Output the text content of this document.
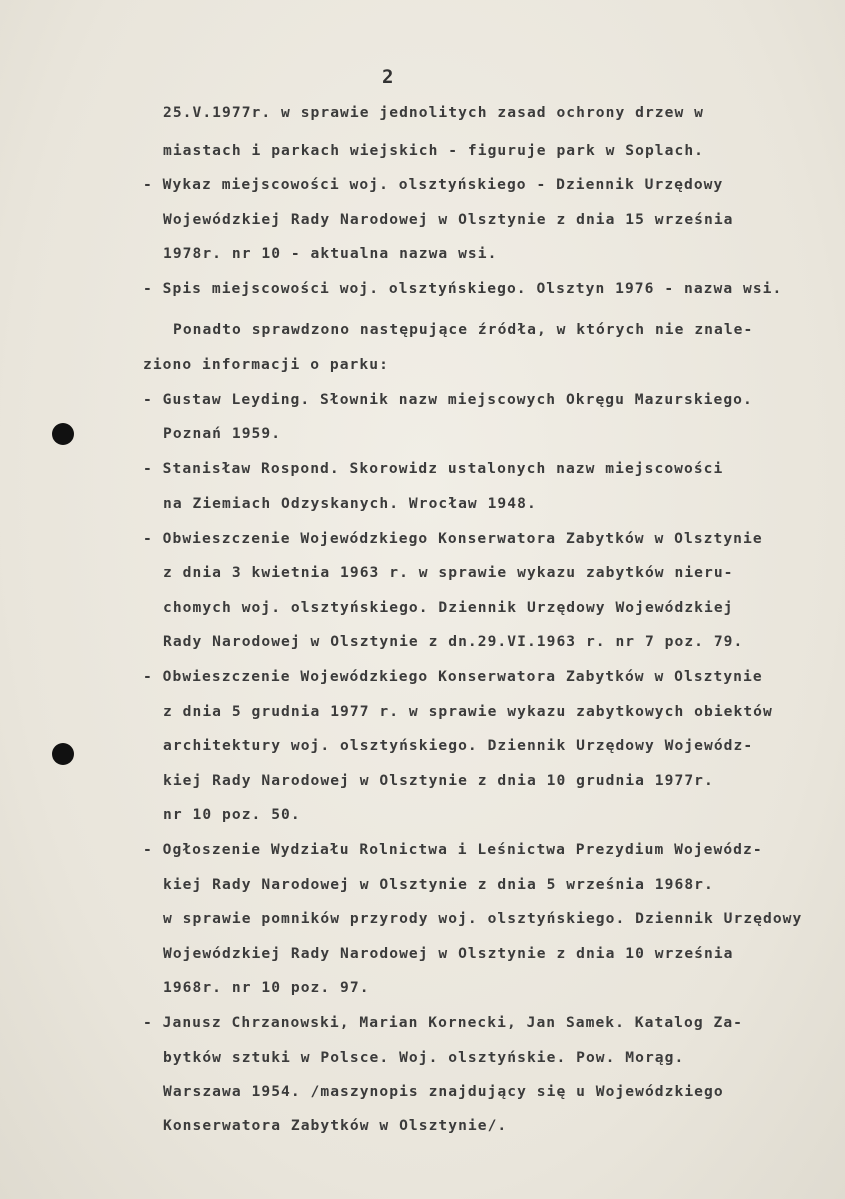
2
25.V.1977r. w sprawie jednolitych zasad ochrony drzew w
miastach i parkach wiejskich - figuruje park w Soplach.
- Wykaz miejscowości woj. olsztyńskiego - Dziennik Urzędowy
Wojewódzkiej Rady Narodowej w Olsztynie z dnia 15 września
1978r. nr 10 - aktualna nazwa wsi.
- Spis miejscowości woj. olsztyńskiego. Olsztyn 1976 - nazwa wsi.
Ponadto sprawdzono następujące źródła, w których nie znale-
ziono informacji o parku:
- Gustaw Leyding. Słownik nazw miejscowych Okręgu Mazurskiego.
Poznań 1959.
- Stanisław Rospond. Skorowidz ustalonych nazw miejscowości
na Ziemiach Odzyskanych. Wrocław 1948.
- Obwieszczenie Wojewódzkiego Konserwatora Zabytków w Olsztynie
z dnia 3 kwietnia 1963 r. w sprawie wykazu zabytków nieru-
chomych woj. olsztyńskiego. Dziennik Urzędowy Wojewódzkiej
Rady Narodowej w Olsztynie z dn.29.VI.1963 r. nr 7 poz. 79.
- Obwieszczenie Wojewódzkiego Konserwatora Zabytków w Olsztynie
z dnia 5 grudnia 1977 r. w sprawie wykazu zabytkowych obiektów
architektury woj. olsztyńskiego. Dziennik Urzędowy Wojewódz-
kiej Rady Narodowej w Olsztynie z dnia 10 grudnia 1977r.
nr 10 poz. 50.
- Ogłoszenie Wydziału Rolnictwa i Leśnictwa Prezydium Wojewódz-
kiej Rady Narodowej w Olsztynie z dnia 5 września 1968r.
w sprawie pomników przyrody woj. olsztyńskiego. Dziennik Urzędowy
Wojewódzkiej Rady Narodowej w Olsztynie z dnia 10 września
1968r. nr 10 poz. 97.
- Janusz Chrzanowski, Marian Kornecki, Jan Samek. Katalog Za-
bytków sztuki w Polsce. Woj. olsztyńskie. Pow. Morąg.
Warszawa 1954. /maszynopis znajdujący się u Wojewódzkiego
Konserwatora Zabytków w Olsztynie/.
